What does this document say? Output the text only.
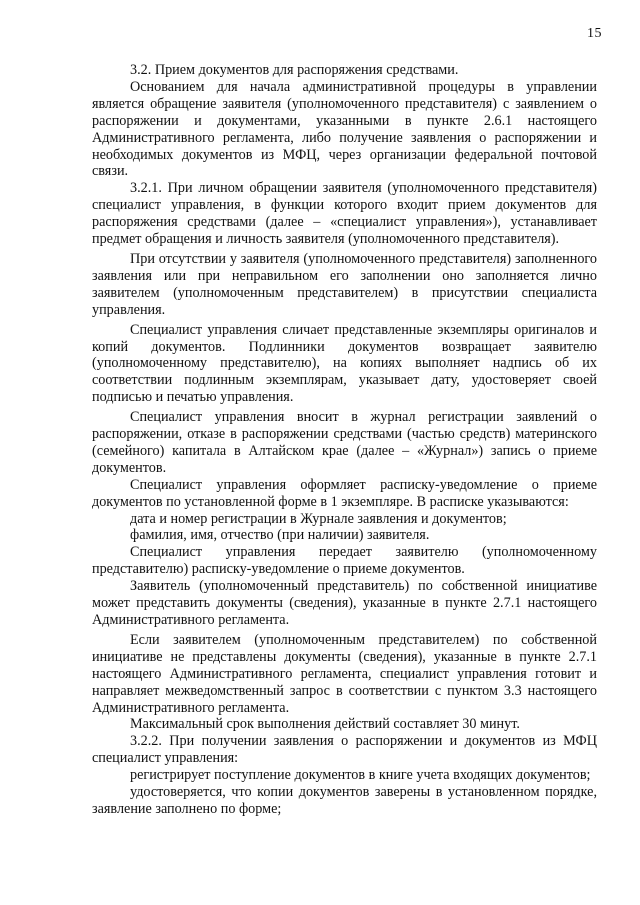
15

3.2. Прием документов для распоряжения средствами.

Основанием для начала административной процедуры в управлении является обращение заявителя (уполномоченного представителя) с заявлением о распоряжении и документами, указанными в пункте 2.6.1 настоящего Административного регламента, либо получение заявления о распоряжении и необходимых документов из МФЦ, через организации федеральной почтовой связи.

3.2.1. При личном обращении заявителя (уполномоченного представителя) специалист управления, в функции которого входит прием документов для распоряжения средствами (далее – «специалист управления»), устанавливает предмет обращения и личность заявителя (уполномоченного представителя).

При отсутствии у заявителя (уполномоченного представителя) заполненного заявления или при неправильном его заполнении оно заполняется лично заявителем (уполномоченным представителем) в присутствии специалиста управления.

Специалист управления сличает представленные экземпляры оригиналов и копий документов. Подлинники документов возвращает заявителю (уполномоченному представителю), на копиях выполняет надпись об их соответствии подлинным экземплярам, указывает дату, удостоверяет своей подписью и печатью управления.

Специалист управления вносит в журнал регистрации заявлений о распоряжении, отказе в распоряжении средствами (частью средств) материнского (семейного) капитала в Алтайском крае (далее – «Журнал») запись о приеме документов.

Специалист управления оформляет расписку-уведомление о приеме документов по установленной форме в 1 экземпляре. В расписке указываются:

дата и номер регистрации в Журнале заявления и документов;

фамилия, имя, отчество (при наличии) заявителя.

Специалист управления передает заявителю (уполномоченному представителю) расписку-уведомление о приеме документов.

Заявитель (уполномоченный представитель) по собственной инициативе может представить документы (сведения), указанные в пункте 2.7.1 настоящего Административного регламента.

Если заявителем (уполномоченным представителем) по собственной инициативе не представлены документы (сведения), указанные в пункте 2.7.1 настоящего Административного регламента, специалист управления готовит и направляет межведомственный запрос в соответствии с пунктом 3.3 настоящего Административного регламента.

Максимальный срок выполнения действий составляет 30 минут.

3.2.2. При получении заявления о распоряжении и документов из МФЦ специалист управления:

регистрирует поступление документов в книге учета входящих документов;

удостоверяется, что копии документов заверены в установленном порядке, заявление заполнено по форме;
